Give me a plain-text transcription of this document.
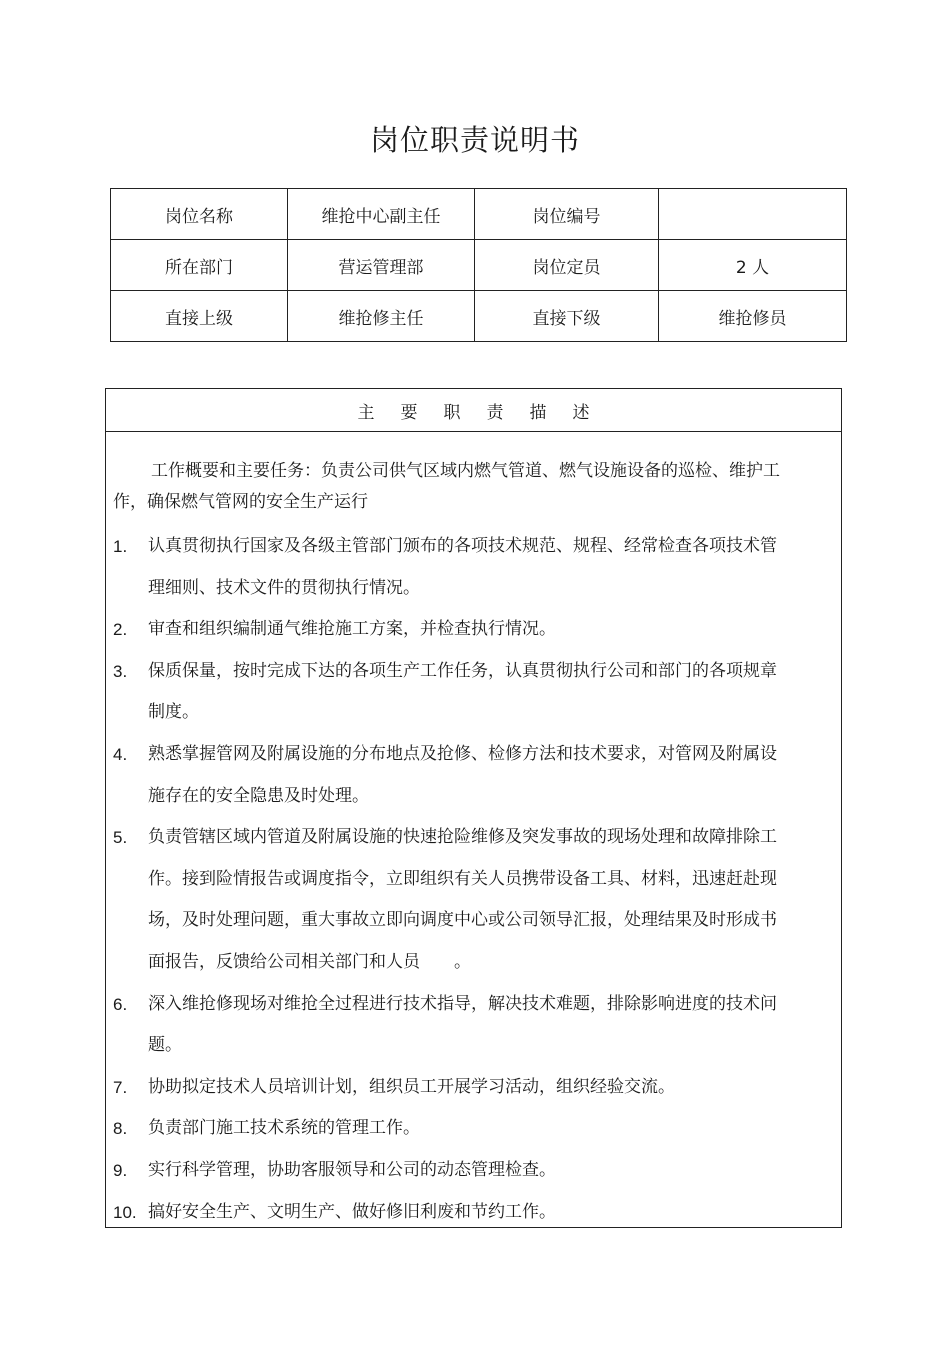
岗位职责说明书
岗位名称	维抢中心副主任	岗位编号	
所在部门	营运管理部	岗位定员	2 人
直接上级	维抢修主任	直接下级	维抢修员
主要职责描述
工作概要和主要任务：负责公司供气区域内燃气管道、燃气设施设备的巡检、维护工作，确保燃气管网的安全生产运行
1.	认真贯彻执行国家及各级主管部门颁布的各项技术规范、规程、经常检查各项技术管理细则、技术文件的贯彻执行情况。
2.	审查和组织编制通气维抢施工方案，并检查执行情况。
3.	保质保量，按时完成下达的各项生产工作任务，认真贯彻执行公司和部门的各项规章制度。
4.	熟悉掌握管网及附属设施的分布地点及抢修、检修方法和技术要求，对管网及附属设施存在的安全隐患及时处理。
5.	负责管辖区域内管道及附属设施的快速抢险维修及突发事故的现场处理和故障排除工作。接到险情报告或调度指令，立即组织有关人员携带设备工具、材料，迅速赶赴现场，及时处理问题，重大事故立即向调度中心或公司领导汇报，处理结果及时形成书面报告，反馈给公司相关部门和人员　　。
6.	深入维抢修现场对维抢全过程进行技术指导，解决技术难题，排除影响进度的技术问题。
7.	协助拟定技术人员培训计划，组织员工开展学习活动，组织经验交流。
8.	负责部门施工技术系统的管理工作。
9.	实行科学管理，协助客服领导和公司的动态管理检查。
10. 搞好安全生产、文明生产、做好修旧利废和节约工作。
